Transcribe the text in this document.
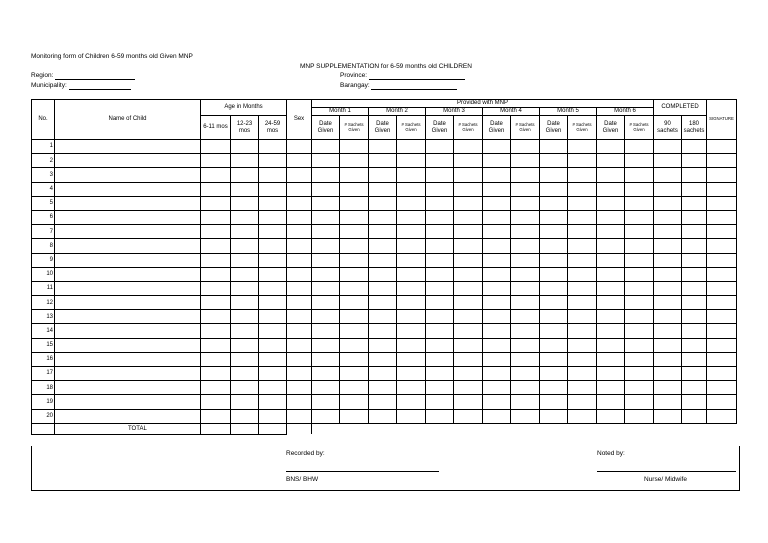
Monitoring form of Children 6-59 months old Given MNP
MNP SUPPLEMENTATION for 6-59 months old CHILDREN
Region:
Municipality:
Province:
Barangay:
No.	Name of Child	Age in Months			Sex	Provided with MNP												COMPLETED		SIGNATURE
						Month 1		Month 2		Month 3		Month 4		Month 5		Month 6				
		6-11 mos	12-23 mos	24-59 mos		Date Given	# Sachets Given	Date Given	# Sachets Given	Date Given	# Sachets Given	Date Given	# Sachets Given	Date Given	# Sachets Given	Date Given	# Sachets Given	90 sachets	180 sachets	
1																				
2																				
3																				
4																				
5																				
6																				
7																				
8																				
9																				
10																				
11																				
12																				
13																				
14																				
15																				
16																				
17																				
18																				
19																				
20																				
	TOTAL																			
Recorded by:
BNS/ BHW
Noted by:
Nurse/ Midwife
